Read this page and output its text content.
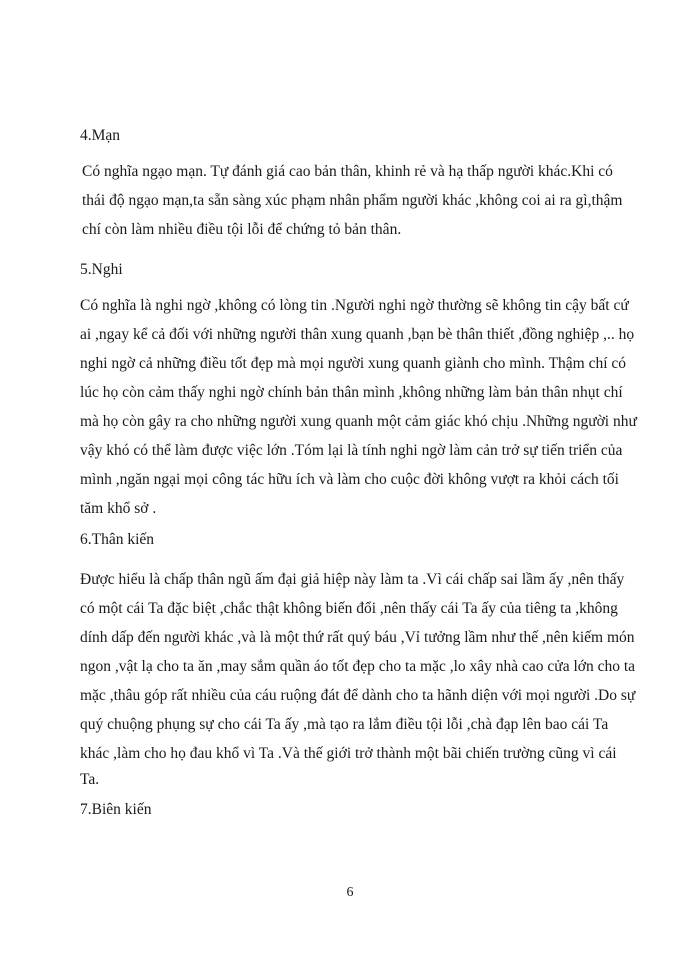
4.Mạn
Có nghĩa ngạo mạn. Tự đánh giá cao bản thân, khinh rẻ và hạ thấp người khác.Khi có
thái độ ngạo mạn,ta sẵn sàng xúc phạm nhân phẩm người khác ,không coi ai ra gì,thậm
chí còn làm nhiều điều tội lỗi để chứng tỏ bản thân.
5.Nghi
Có nghĩa là nghi ngờ ,không có lòng tin .Người nghi ngờ thường sẽ không tin cậy bất cứ
ai ,ngay kể cả đối với những người thân xung quanh ,bạn bè thân thiết ,đồng nghiệp ,.. họ
nghi ngờ cả những điều tốt đẹp mà mọi người xung quanh giành cho mình. Thậm chí có
lúc họ còn cảm thấy nghi ngờ chính bản thân mình ,không những làm bản thân nhụt chí
mà họ còn gây ra cho những người xung quanh một cảm giác khó chịu .Những người như
vậy khó có thể làm được việc lớn .Tóm lại là tính nghi ngờ làm cản trở sự tiến triển của
mình ,ngăn ngại mọi công tác hữu ích và làm cho cuộc đời không vượt ra khỏi cách tối
tăm khổ sở .
6.Thân kiến
Được hiểu là chấp thân ngũ ấm đại giả hiệp này làm ta .Vì cái chấp sai lầm ấy ,nên thấy
có một cái Ta đặc biệt ,chắc thật không biến đổi ,nên thấy cái Ta ấy của tiêng ta ,không
dính dấp đến người khác ,và là một thứ rất quý báu ,Vỉ tưởng lầm như thế ,nên kiếm món
ngon ,vật lạ cho ta ăn ,may sắm quần áo tốt đẹp cho ta mặc ,lo xây nhà cao cửa lớn cho ta
mặc ,thâu góp rất nhiều của cáu ruộng đát để dành cho ta hãnh diện với mọi người .Do sự
quý chuộng phụng sự cho cái Ta ấy ,mà tạo ra lắm điều tội lỗi ,chà đạp lên bao cái Ta
khác ,làm cho họ đau khổ vì Ta .Và thế giới trở thành một bãi chiến trường cũng vì cái
Ta.
7.Biên kiến
6
